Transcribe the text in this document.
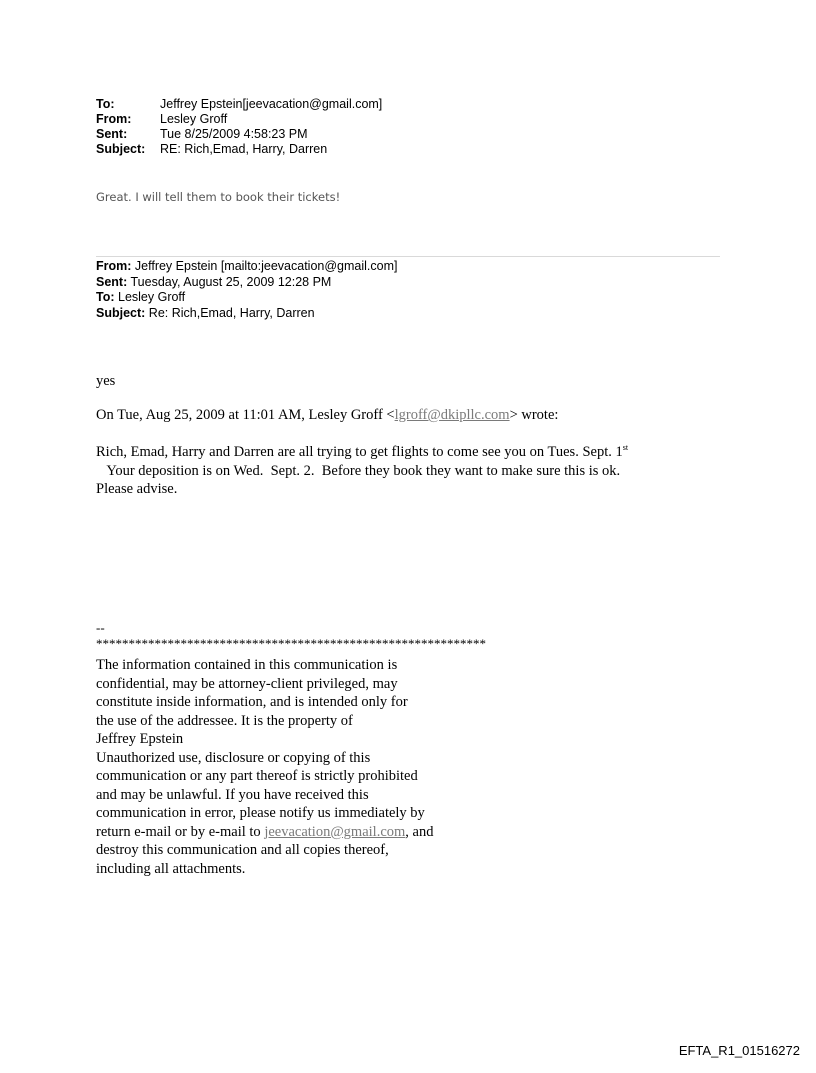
To:	Jeffrey Epstein[jeevacation@gmail.com]
From:	Lesley Groff
Sent:	Tue 8/25/2009 4:58:23 PM
Subject:	RE: Rich,Emad, Harry, Darren
Great. I will tell them to book their tickets!
From: Jeffrey Epstein [mailto:jeevacation@gmail.com]
Sent: Tuesday, August 25, 2009 12:28 PM
To: Lesley Groff
Subject: Re: Rich,Emad, Harry, Darren
yes
On Tue, Aug 25, 2009 at 11:01 AM, Lesley Groff <lgroff@dkipllc.com> wrote:
Rich, Emad, Harry and Darren are all trying to get flights to come see you on Tues. Sept. 1st
Your deposition is on Wed.  Sept. 2.  Before they book they want to make sure this is ok.
Please advise.
--
************************************************************
The information contained in this communication is
confidential, may be attorney-client privileged, may
constitute inside information, and is intended only for
the use of the addressee. It is the property of
Jeffrey Epstein
Unauthorized use, disclosure or copying of this
communication or any part thereof is strictly prohibited
and may be unlawful. If you have received this
communication in error, please notify us immediately by
return e-mail or by e-mail to jeevacation@gmail.com, and
destroy this communication and all copies thereof,
including all attachments.
EFTA_R1_01516272
